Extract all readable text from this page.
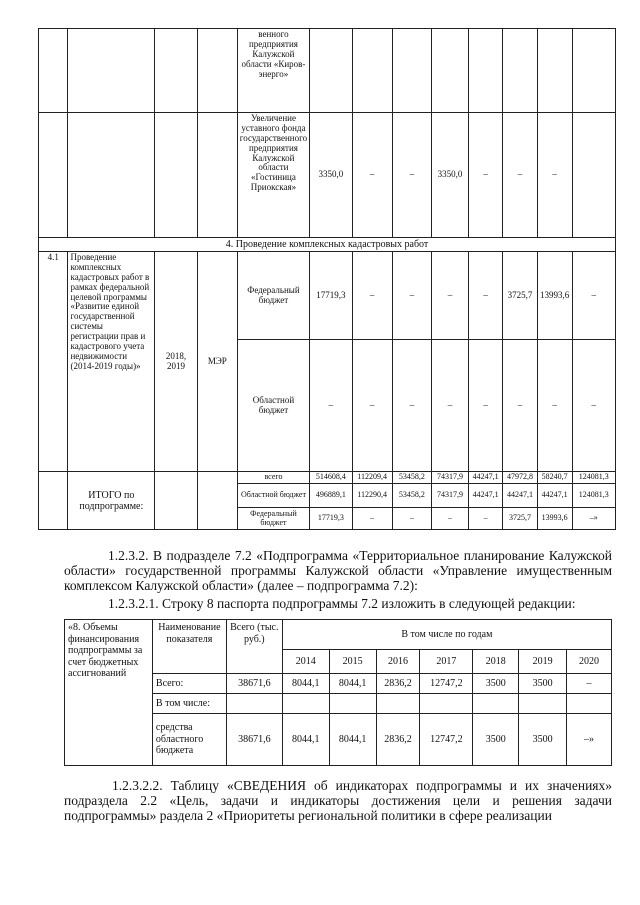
				венного предприятия Калужской области «Киров-энерго»								
				Увеличение уставного фонда государственного предприятия Калужской области «Гостиница Приокская»	3350,0	–	–	3350,0	–	–	–	
4. Проведение комплексных кадастровых работ												
4.1	Проведение комплексных кадастровых работ в рамках федеральной целевой программы «Развитие единой государственной системы регистрации прав и кадастрового учета недвижимости (2014-2019 годы)»	2018, 2019	МЭР	Федеральный бюджет	17719,3	–	–	–	–	3725,7	13993,6	–
				Областной бюджет	–	–	–	–	–	–	–	–
	ИТОГО по подпрограмме:			всего	514608,4	112209,4	53458,2	74317,9	44247,1	47972,8	58240,7	124081,3
				Областной бюджет	496889,1	112290,4	53458,2	74317,9	44247,1	44247,1	44247,1	124081,3
				Федеральный бюджет	17719,3	–	–	–	–	3725,7	13993,6	–»
1.2.3.2. В подразделе 7.2 «Подпрограмма «Территориальное планирование Калужской области» государственной программы Калужской области «Управление имущественным комплексом Калужской области» (далее – подпрограмма 7.2):
1.2.3.2.1. Строку 8 паспорта подпрограммы 7.2 изложить в следующей редакции:
«8. Объемы финансирования подпрограммы за счет бюджетных ассигнований	Наименование показателя	Всего (тыс. руб.)	В том числе по годам						
			2014	2015	2016	2017	2018	2019	2020
	Всего:	38671,6	8044,1	8044,1	2836,2	12747,2	3500	3500	–
	В том числе:								
	средства областного бюджета	38671,6	8044,1	8044,1	2836,2	12747,2	3500	3500	–»
1.2.3.2.2. Таблицу «СВЕДЕНИЯ об индикаторах подпрограммы и их значениях» подраздела 2.2 «Цель, задачи и индикаторы достижения цели и решения задачи подпрограммы» раздела 2 «Приоритеты региональной политики в сфере реализации
